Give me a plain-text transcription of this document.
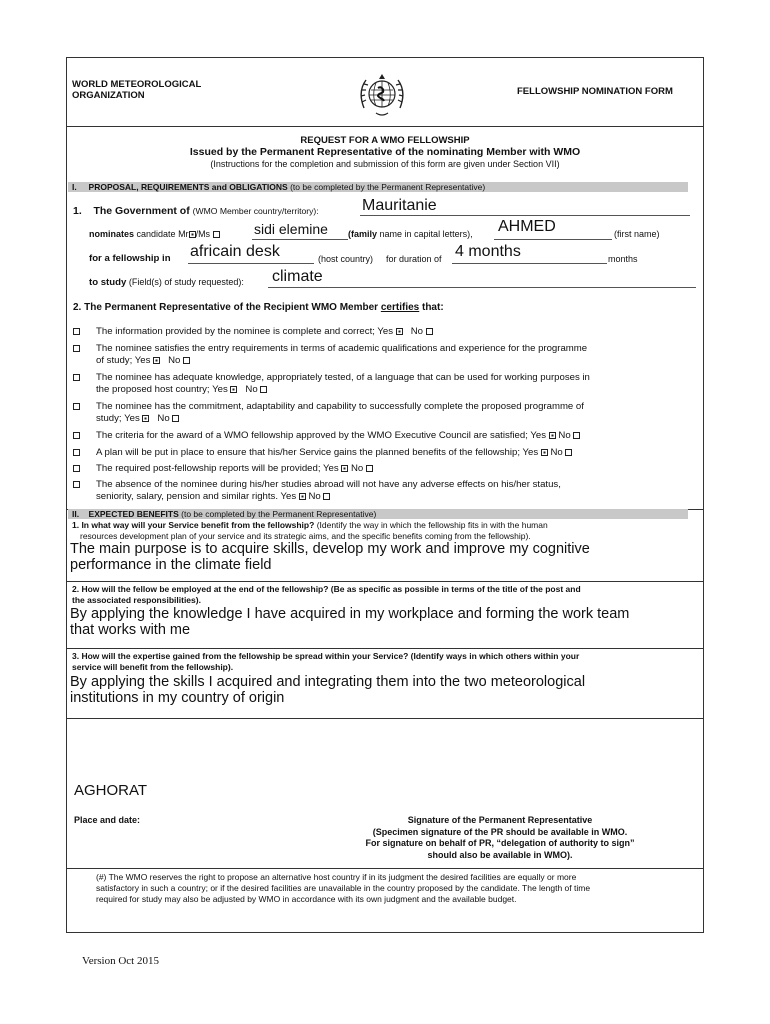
WORLD METEOROLOGICAL
ORGANIZATION	FELLOWSHIP NOMINATION FORM
REQUEST FOR A WMO FELLOWSHIP
Issued by the Permanent Representative of the nominating Member with WMO
(Instructions for the completion and submission of this form are given under Section VII)
I. PROPOSAL, REQUIREMENTS and OBLIGATIONS (to be completed by the Permanent Representative)
1. The Government of (WMO Member country/territory):	Mauritanie
nominates candidate Mr /Ms	sidi elemine (family name in capital letters), AHMED	(first name)
for a fellowship in africain desk	(host country) for duration of 4 months	months
to study (Field(s) of study requested): climate
2. The Permanent Representative of the Recipient WMO Member certifies that:
The information provided by the nominee is complete and correct; Yes No
The nominee satisfies the entry requirements in terms of academic qualifications and experience for the programme
of study; Yes No
The nominee has adequate knowledge, appropriately tested, of a language that can be used for working purposes in
the proposed host country; Yes No
The nominee has the commitment, adaptability and capability to successfully complete the proposed programme of
study; Yes No
The criteria for the award of a WMO fellowship approved by the WMO Executive Council are satisfied; Yes No
A plan will be put in place to ensure that his/her Service gains the planned benefits of the fellowship; Yes No
The required post-fellowship reports will be provided; Yes No
The absence of the nominee during his/her studies abroad will not have any adverse effects on his/her status,
seniority, salary, pension and similar rights. Yes No
II. EXPECTED BENEFITS (to be completed by the Permanent Representative)
1. In what way will your Service benefit from the fellowship? (Identify the way in which the fellowship fits in with the human
resources development plan of your service and its strategic aims, and the specific benefits coming from the fellowship).
The main purpose is to acquire skills, develop my work and improve my cognitive
performance in the climate field
2. How will the fellow be employed at the end of the fellowship? (Be as specific as possible in terms of the title of the post and
the associated responsibilities).
By applying the knowledge I have acquired in my workplace and forming the work team
that works with me
3. How will the expertise gained from the fellowship be spread within your Service? (Identify ways in which others within your
service will benefit from the fellowship).
By applying the skills I acquired and integrating them into the two meteorological
institutions in my country of origin
AGHORAT
Place and date:	Signature of the Permanent Representative
(Specimen signature of the PR should be available in WMO.
For signature on behalf of PR, “delegation of authority to sign”
should also be available in WMO).
(#) The WMO reserves the right to propose an alternative host country if in its judgment the desired facilities are equally or more
satisfactory in such a country; or if the desired facilities are unavailable in the country proposed by the candidate. The length of time
required for study may also be adjusted by WMO in accordance with its own judgment and the available budget.
Version Oct 2015
